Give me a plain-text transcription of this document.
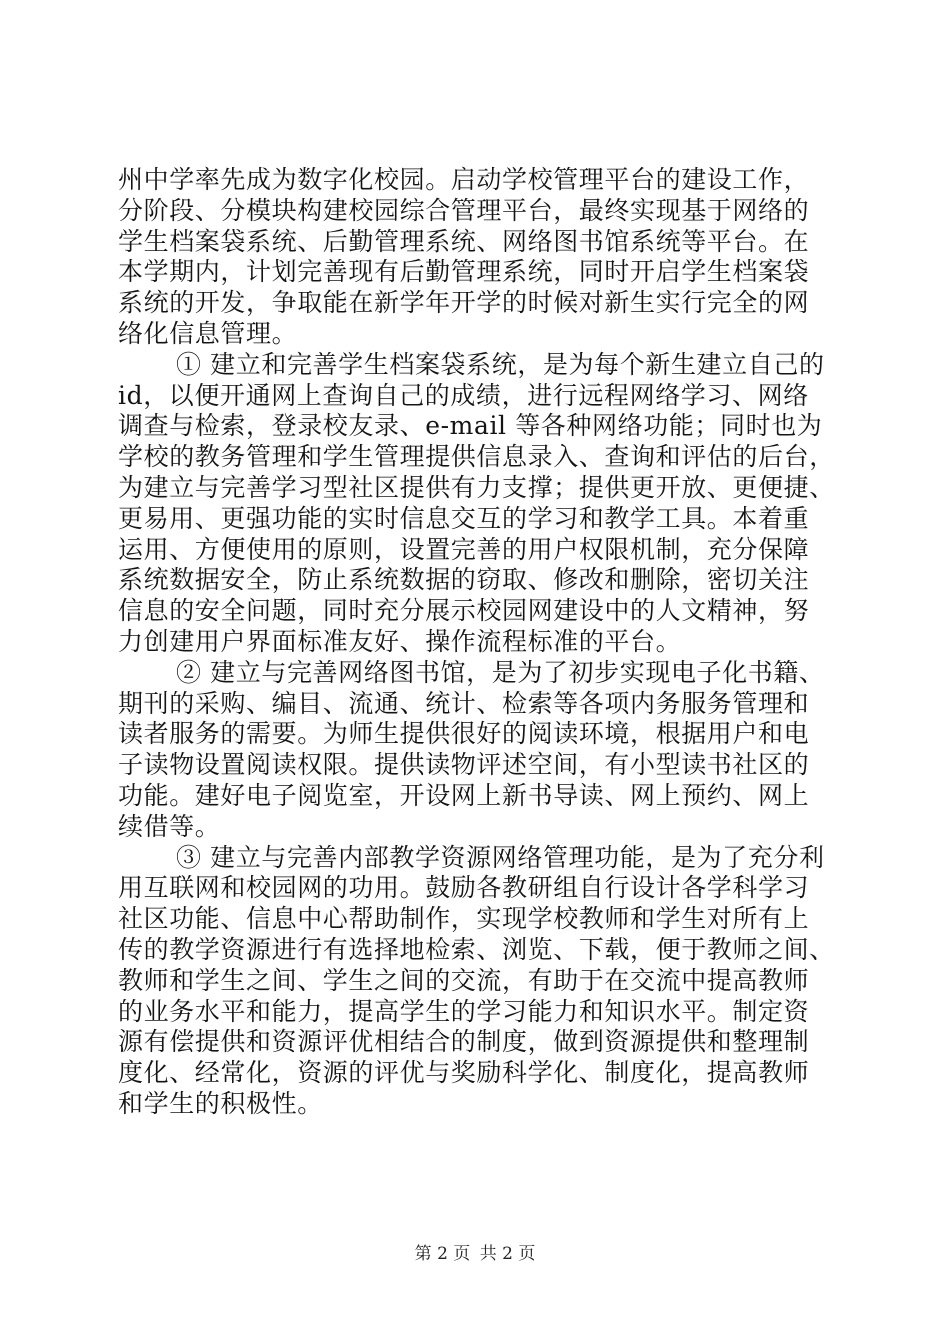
州中学率先成为数字化校园。启动学校管理平台的建设工作，
分阶段、分模块构建校园综合管理平台，最终实现基于网络的
学生档案袋系统、后勤管理系统、网络图书馆系统等平台。在
本学期内，计划完善现有后勤管理系统，同时开启学生档案袋
系统的开发，争取能在新学年开学的时候对新生实行完全的网
络化信息管理。
① 建立和完善学生档案袋系统，是为每个新生建立自己的
id，以便开通网上查询自己的成绩，进行远程网络学习、网络
调查与检索，登录校友录、e-mail 等各种网络功能；同时也为
学校的教务管理和学生管理提供信息录入、查询和评估的后台，
为建立与完善学习型社区提供有力支撑；提供更开放、更便捷、
更易用、更强功能的实时信息交互的学习和教学工具。本着重
运用、方便使用的原则，设置完善的用户权限机制，充分保障
系统数据安全，防止系统数据的窃取、修改和删除，密切关注
信息的安全问题，同时充分展示校园网建设中的人文精神，努
力创建用户界面标准友好、操作流程标准的平台。
② 建立与完善网络图书馆，是为了初步实现电子化书籍、
期刊的采购、编目、流通、统计、检索等各项内务服务管理和
读者服务的需要。为师生提供很好的阅读环境，根据用户和电
子读物设置阅读权限。提供读物评述空间，有小型读书社区的
功能。建好电子阅览室，开设网上新书导读、网上预约、网上
续借等。
③ 建立与完善内部教学资源网络管理功能，是为了充分利
用互联网和校园网的功用。鼓励各教研组自行设计各学科学习
社区功能、信息中心帮助制作，实现学校教师和学生对所有上
传的教学资源进行有选择地检索、浏览、下载，便于教师之间、
教师和学生之间、学生之间的交流，有助于在交流中提高教师
的业务水平和能力，提高学生的学习能力和知识水平。制定资
源有偿提供和资源评优相结合的制度，做到资源提供和整理制
度化、经常化，资源的评优与奖励科学化、制度化，提高教师
和学生的积极性。
第 2 页 共 2 页
